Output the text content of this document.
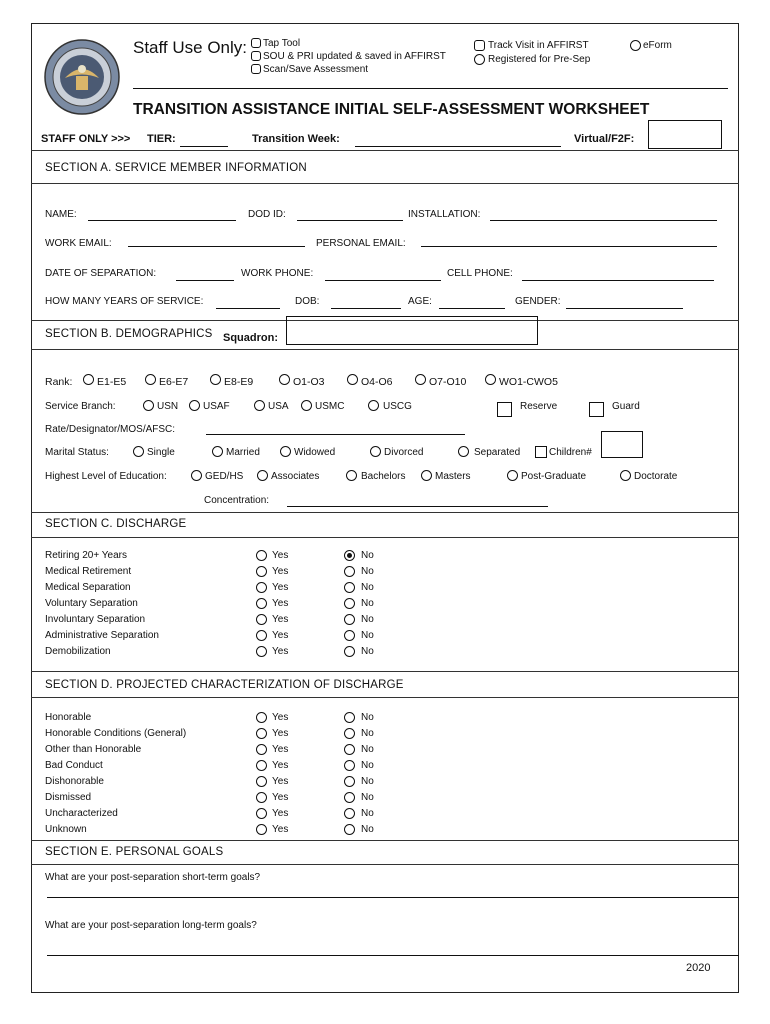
Staff Use Only: Tap Tool
SOU & PRI updated & saved in AFFIRST
Scan/Save Assessment
Track Visit in AFFIRST
Registered for Pre-Sep
eForm
TRANSITION ASSISTANCE INITIAL SELF-ASSESSMENT WORKSHEET
STAFF ONLY >>> TIER:	Transition Week:	Virtual/F2F:
SECTION A. SERVICE MEMBER INFORMATION
NAME:	DOD ID:	INSTALLATION:
WORK EMAIL:	PERSONAL EMAIL:
DATE OF SEPARATION:	WORK PHONE:	CELL PHONE:
HOW MANY YEARS OF SERVICE:	DOB:	AGE:	GENDER:
SECTION B. DEMOGRAPHICS Squadron:
Rank: E1-E5	E6-E7	E8-E9	O1-O3	O4-O6	O7-O10	WO1-CWO5
Service Branch:	USN USAF	USA	USMC	USCG	Reserve	Guard
Rate/Designator/MOS/AFSC:
Marital Status:	Single	Married	Widowed	Divorced	Separated	Children#
Highest Level of Education:	GED/HS	Associates	Bachelors	Masters	Post-Graduate	Doctorate
Concentration:
SECTION C. DISCHARGE
Retiring 20+ Years	Yes	No
Medical Retirement	Yes	No
Medical Separation	Yes	No
Voluntary Separation	Yes	No
Involuntary Separation	Yes	No
Administrative Separation	Yes	No
Demobilization	Yes	No
SECTION D. PROJECTED CHARACTERIZATION OF DISCHARGE
Honorable	Yes	No
Honorable Conditions (General)	Yes	No
Other than Honorable	Yes	No
Bad Conduct	Yes	No
Dishonorable	Yes	No
Dismissed	Yes	No
Uncharacterized	Yes	No
Unknown	Yes	No
SECTION E. PERSONAL GOALS
What are your post-separation short-term goals?
What are your post-separation long-term goals?
2020
